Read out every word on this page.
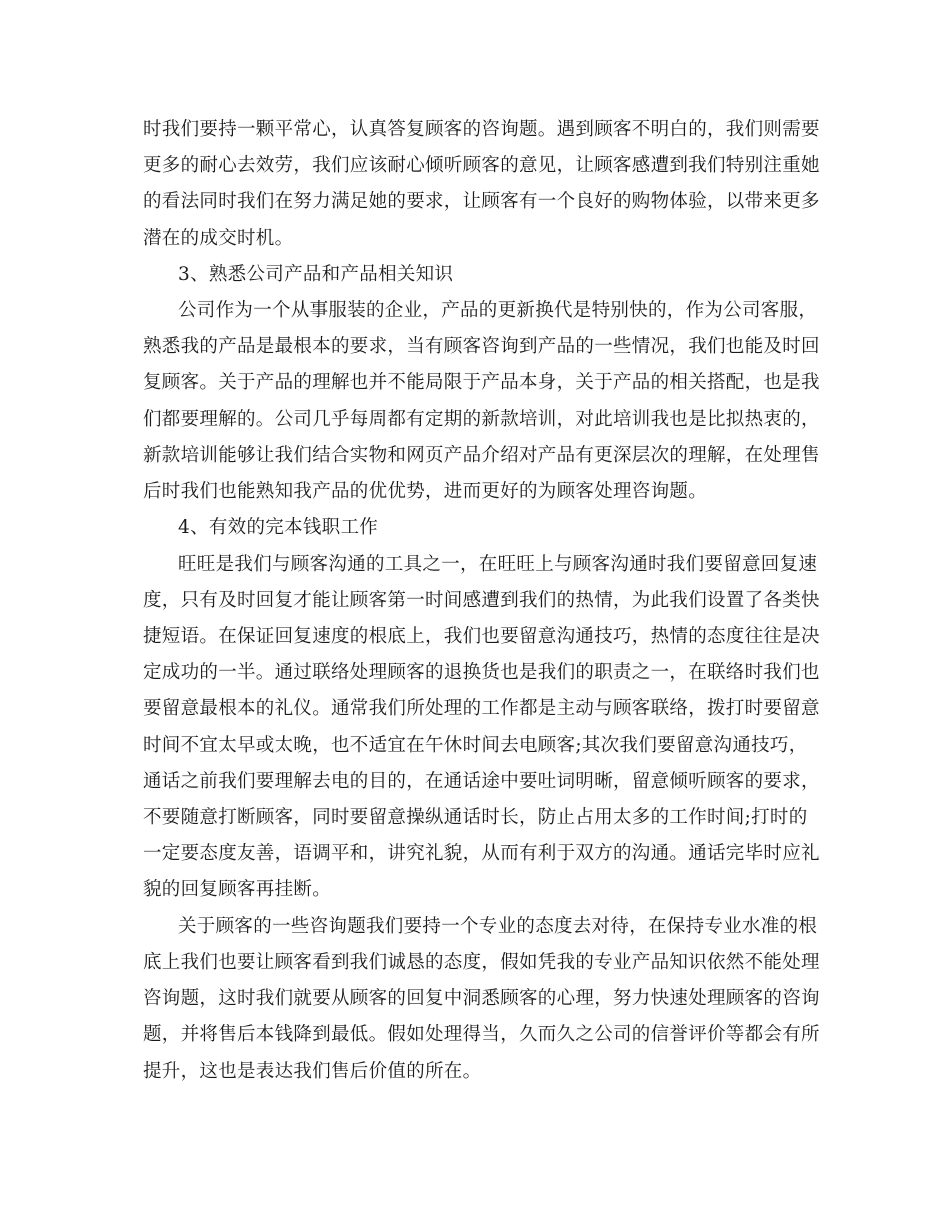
时我们要持一颗平常心，认真答复顾客的咨询题。遇到顾客不明白的，我们则需要
更多的耐心去效劳，我们应该耐心倾听顾客的意见，让顾客感遭到我们特别注重她
的看法同时我们在努力满足她的要求，让顾客有一个良好的购物体验，以带来更多
潜在的成交时机。
3、熟悉公司产品和产品相关知识
公司作为一个从事服装的企业，产品的更新换代是特别快的，作为公司客服，
熟悉我的产品是最根本的要求，当有顾客咨询到产品的一些情况，我们也能及时回
复顾客。关于产品的理解也并不能局限于产品本身，关于产品的相关搭配，也是我
们都要理解的。公司几乎每周都有定期的新款培训，对此培训我也是比拟热衷的，
新款培训能够让我们结合实物和网页产品介绍对产品有更深层次的理解，在处理售
后时我们也能熟知我产品的优优势，进而更好的为顾客处理咨询题。
4、有效的完本钱职工作
旺旺是我们与顾客沟通的工具之一，在旺旺上与顾客沟通时我们要留意回复速
度，只有及时回复才能让顾客第一时间感遭到我们的热情，为此我们设置了各类快
捷短语。在保证回复速度的根底上，我们也要留意沟通技巧，热情的态度往往是决
定成功的一半。通过联络处理顾客的退换货也是我们的职责之一，在联络时我们也
要留意最根本的礼仪。通常我们所处理的工作都是主动与顾客联络，拨打时要留意
时间不宜太早或太晚，也不适宜在午休时间去电顾客;其次我们要留意沟通技巧，
通话之前我们要理解去电的目的，在通话途中要吐词明晰，留意倾听顾客的要求，
不要随意打断顾客，同时要留意操纵通话时长，防止占用太多的工作时间;打时的
一定要态度友善，语调平和，讲究礼貌，从而有利于双方的沟通。通话完毕时应礼
貌的回复顾客再挂断。
关于顾客的一些咨询题我们要持一个专业的态度去对待，在保持专业水准的根
底上我们也要让顾客看到我们诚恳的态度，假如凭我的专业产品知识依然不能处理
咨询题，这时我们就要从顾客的回复中洞悉顾客的心理，努力快速处理顾客的咨询
题，并将售后本钱降到最低。假如处理得当，久而久之公司的信誉评价等都会有所
提升，这也是表达我们售后价值的所在。
